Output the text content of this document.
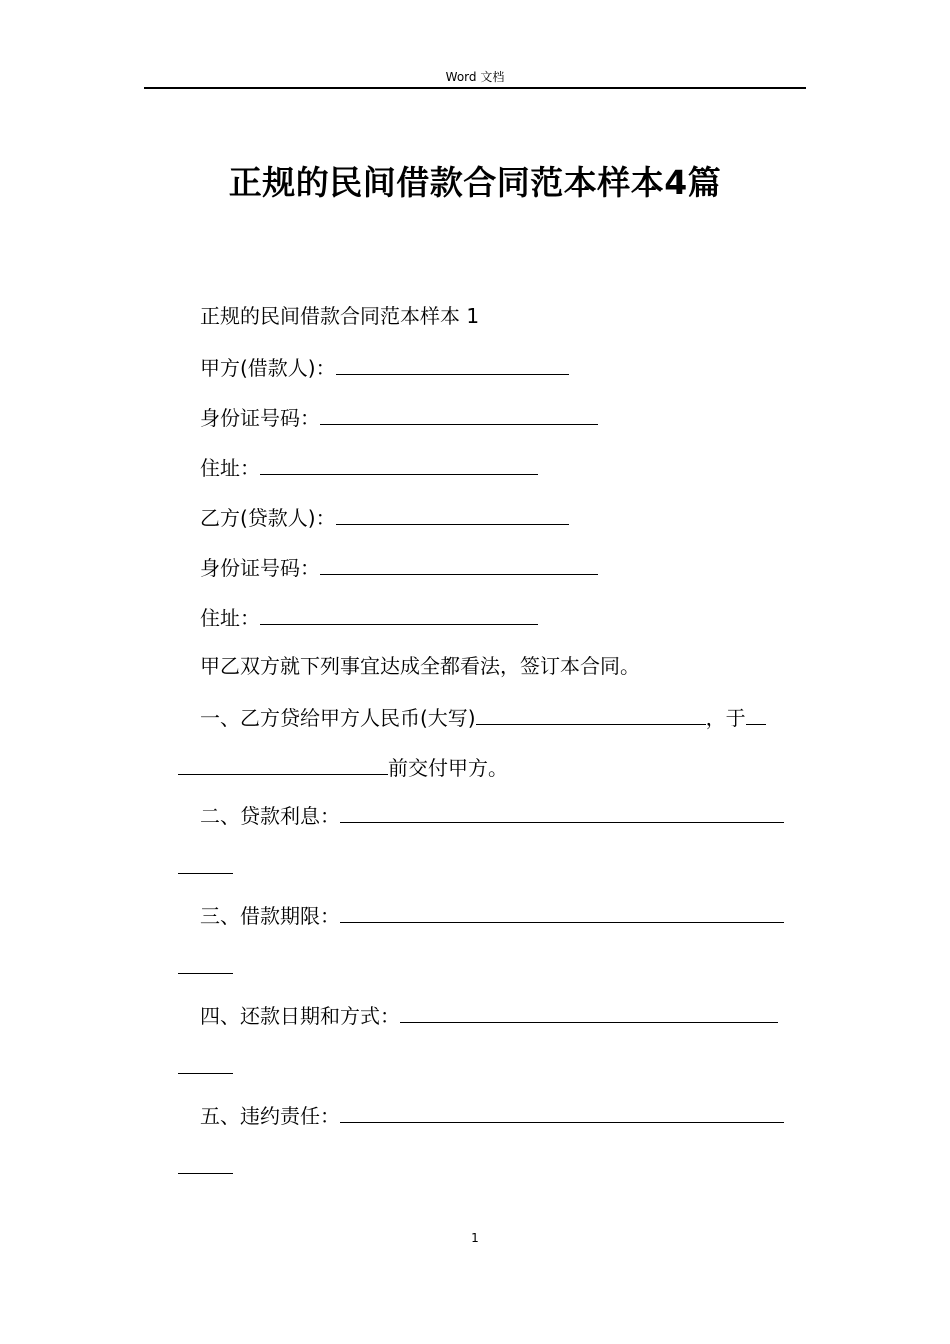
Word 文档
正规的民间借款合同范本样本4篇
正规的民间借款合同范本样本 1
甲方(借款人)：
身份证号码：
住址：
乙方(贷款人)：
身份证号码：
住址：
甲乙双方就下列事宜达成全都看法，签订本合同。
一、乙方贷给甲方人民币(大写)	，于
前交付甲方。
二、贷款利息：
三、借款期限：
四、还款日期和方式：
五、违约责任：
1
